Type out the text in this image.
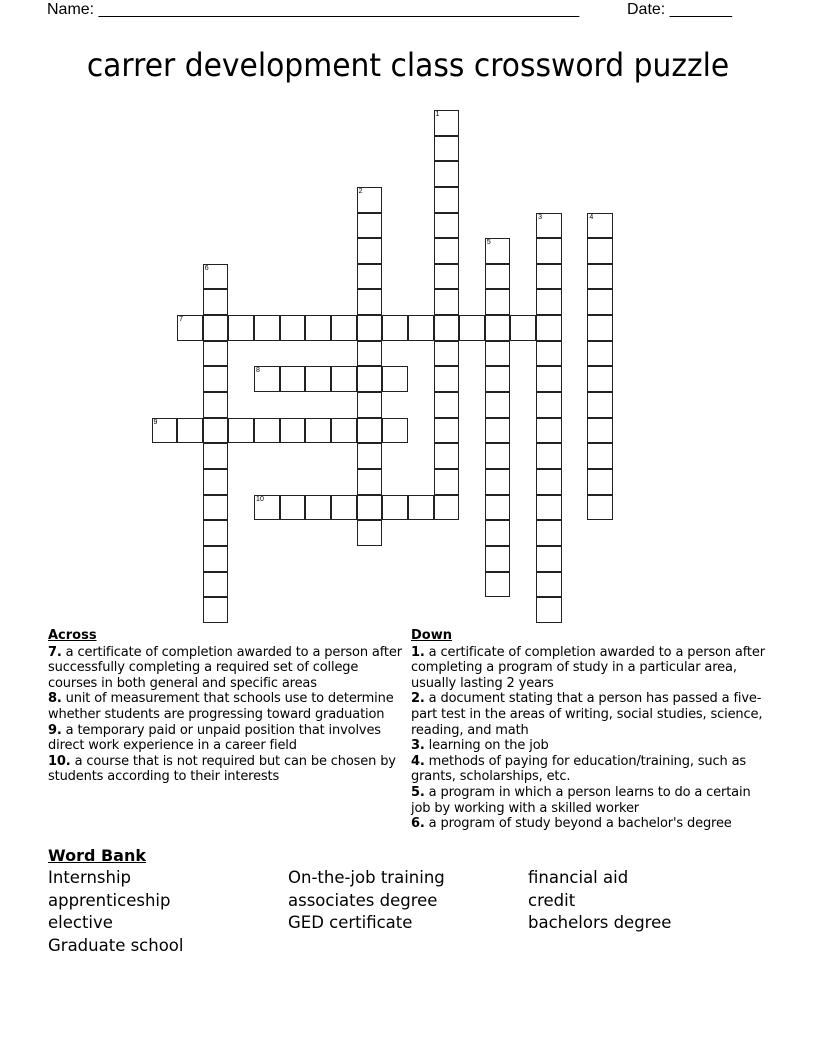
Name: ______________________________________________________	Date: _______
carrer development class crossword puzzle
1
2
3	4
5
6
7
8
9
10
Across
7. a certificate of completion awarded to a person after successfully completing a required set of college courses in both general and specific areas
8. unit of measurement that schools use to determine whether students are progressing toward graduation
9. a temporary paid or unpaid position that involves direct work experience in a career field
10. a course that is not required but can be chosen by students according to their interests
Down
1. a certificate of completion awarded to a person after completing a program of study in a particular area, usually lasting 2 years
2. a document stating that a person has passed a five-part test in the areas of writing, social studies, science, reading, and math
3. learning on the job
4. methods of paying for education/training, such as grants, scholarships, etc.
5. a program in which a person learns to do a certain job by working with a skilled worker
6. a program of study beyond a bachelor's degree
Word Bank
Internship	On-the-job training	financial aid
apprenticeship	associates degree	credit
elective	GED certificate	bachelors degree
Graduate school
